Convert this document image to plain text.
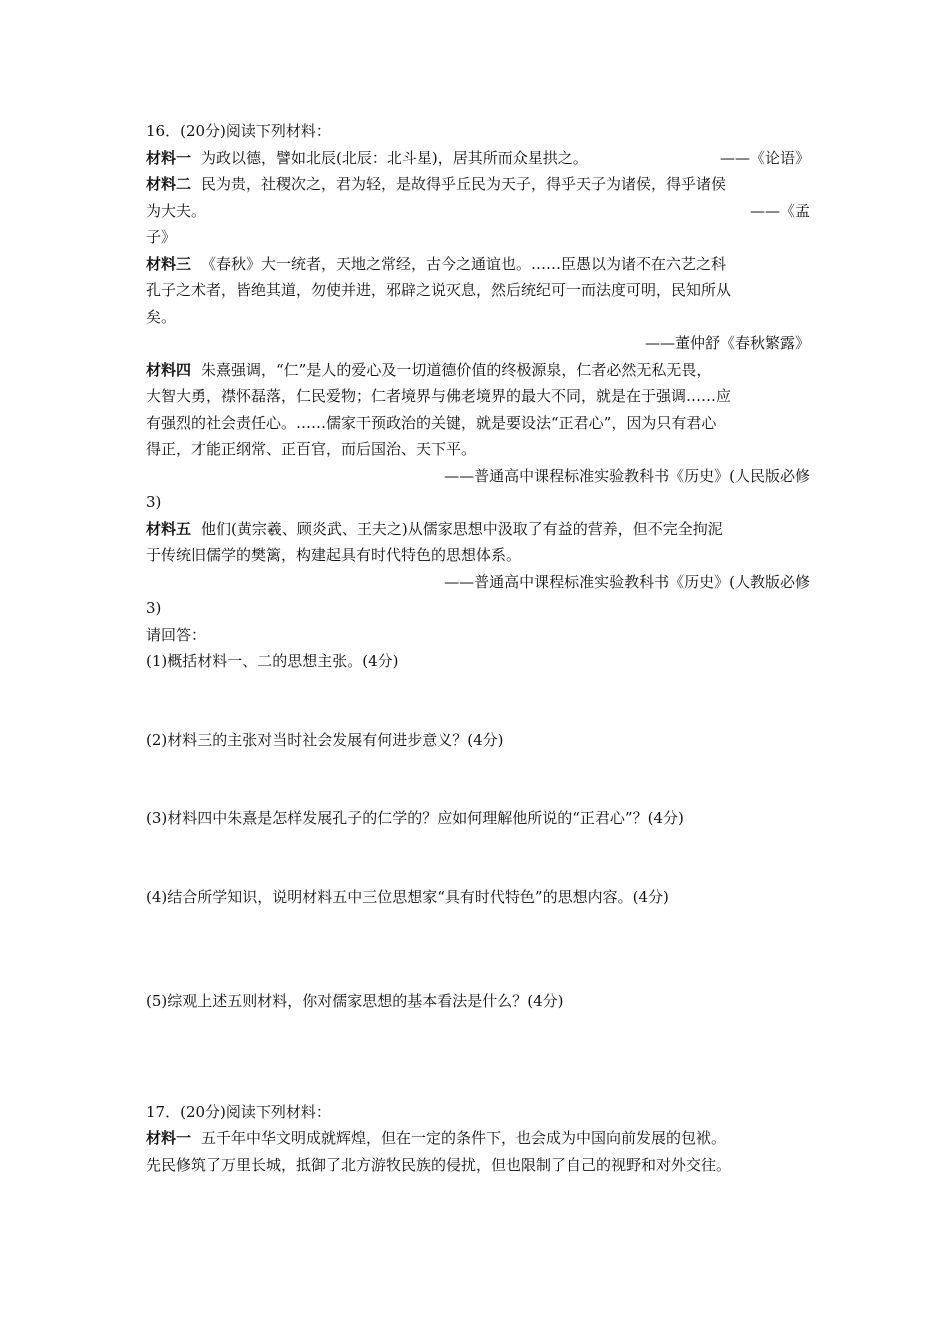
16．(20分)阅读下列材料：
材料一 为政以德，譬如北辰(北辰：北斗星)，居其所而众星拱之。	——《论语》
材料二 民为贵，社稷次之，君为轻，是故得乎丘民为天子，得乎天子为诸侯，得乎诸侯
为大夫。	——《孟
子》
材料三 《春秋》大一统者，天地之常经，古今之通谊也。……臣愚以为诸不在六艺之科
孔子之术者，皆绝其道，勿使并进，邪辟之说灭息，然后统纪可一而法度可明，民知所从
矣。
——董仲舒《春秋繁露》
材料四 朱熹强调，“仁”是人的爱心及一切道德价值的终极源泉，仁者必然无私无畏，
大智大勇，襟怀磊落，仁民爱物；仁者境界与佛老境界的最大不同，就是在于强调……应
有强烈的社会责任心。……儒家干预政治的关键，就是要设法“正君心”，因为只有君心
得正，才能正纲常、正百官，而后国治、天下平。
——普通高中课程标准实验教科书《历史》(人民版必修
3)
材料五 他们(黄宗羲、顾炎武、王夫之)从儒家思想中汲取了有益的营养，但不完全拘泥
于传统旧儒学的樊篱，构建起具有时代特色的思想体系。
——普通高中课程标准实验教科书《历史》(人教版必修
3)
请回答：
(1)概括材料一、二的思想主张。(4分)
(2)材料三的主张对当时社会发展有何进步意义？(4分)
(3)材料四中朱熹是怎样发展孔子的仁学的？应如何理解他所说的“正君心”？(4分)
(4)结合所学知识，说明材料五中三位思想家“具有时代特色”的思想内容。(4分)
(5)综观上述五则材料，你对儒家思想的基本看法是什么？(4分)
17．(20分)阅读下列材料：
材料一 五千年中华文明成就辉煌，但在一定的条件下，也会成为中国向前发展的包袱。
先民修筑了万里长城，抵御了北方游牧民族的侵扰，但也限制了自己的视野和对外交往。
